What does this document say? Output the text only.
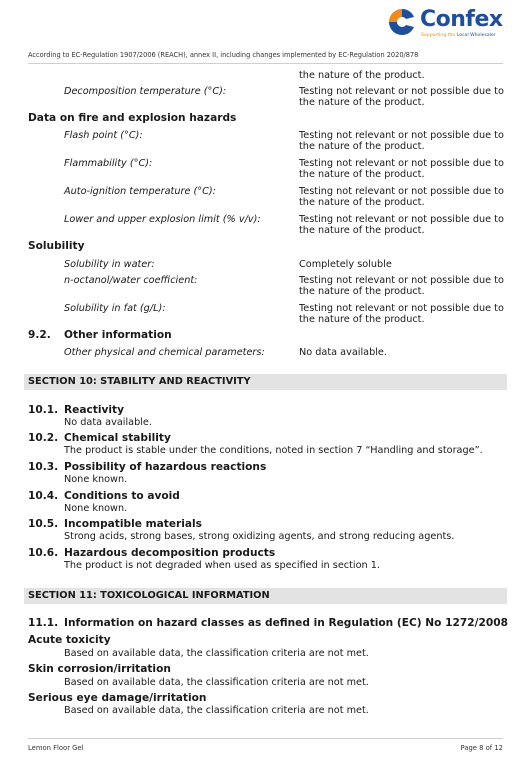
Confex
Supporting the Local Wholesaler
According to EC-Regulation 1907/2006 (REACH), annex II, including changes implemented by EC-Regulation 2020/878
the nature of the product.
Decomposition temperature (°C):	Testing not relevant or not possible due to
the nature of the product.
Data on fire and explosion hazards
Flash point (°C):	Testing not relevant or not possible due to
the nature of the product.
Flammability (°C):	Testing not relevant or not possible due to
the nature of the product.
Auto-ignition temperature (°C):	Testing not relevant or not possible due to
the nature of the product.
Lower and upper explosion limit (% v/v):	Testing not relevant or not possible due to
the nature of the product.
Solubility
Solubility in water:	Completely soluble
n-octanol/water coefficient:	Testing not relevant or not possible due to
the nature of the product.
Solubility in fat (g/L):	Testing not relevant or not possible due to
the nature of the product.
9.2. Other information
Other physical and chemical parameters:	No data available.
SECTION 10: STABILITY AND REACTIVITY
10.1. Reactivity
No data available.
10.2. Chemical stability
The product is stable under the conditions, noted in section 7 “Handling and storage”.
10.3. Possibility of hazardous reactions
None known.
10.4. Conditions to avoid
None known.
10.5. Incompatible materials
Strong acids, strong bases, strong oxidizing agents, and strong reducing agents.
10.6. Hazardous decomposition products
The product is not degraded when used as specified in section 1.
SECTION 11: TOXICOLOGICAL INFORMATION
11.1. Information on hazard classes as defined in Regulation (EC) No 1272/2008
Acute toxicity
Based on available data, the classification criteria are not met.
Skin corrosion/irritation
Based on available data, the classification criteria are not met.
Serious eye damage/irritation
Based on available data, the classification criteria are not met.
Lemon Floor Gel	Page 8 of 12
